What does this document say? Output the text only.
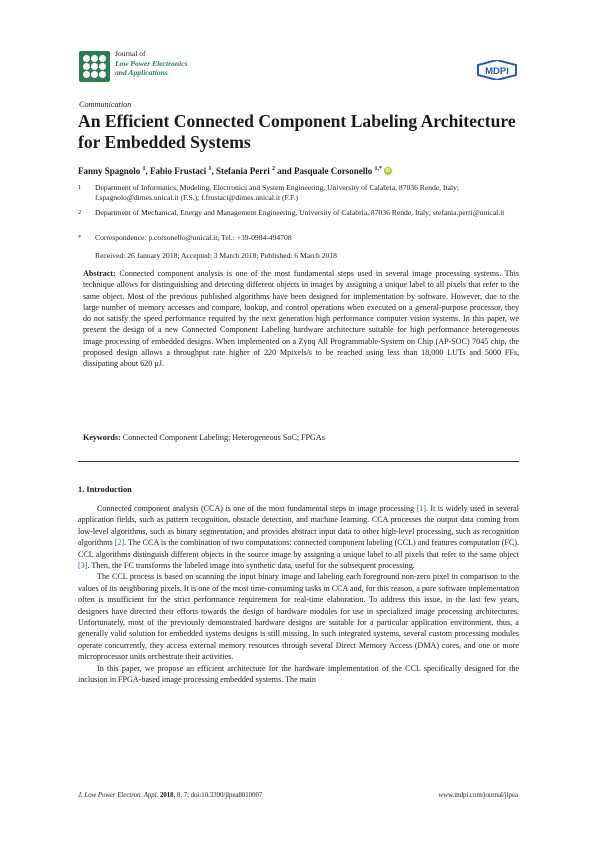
Journal of
Low Power Electronics
and Applications	MDPI
Communication
An Efficient Connected Component Labeling Architecture for Embedded Systems
Fanny Spagnolo $^1$, Fabio Frustaci $^1$, Stefania Perri $^2$ and Pasquale Corsonello $^{1,*}$ iD
1	Department of Informatics, Modeling, Electronics and System Engineering, University of Calabria, 87036 Rende, Italy; f.spagnolo@dimes.unical.it (F.S.); f.frustaci@dimes.unical.it (F.F.)
2	Department of Mechanical, Energy and Management Engineering, University of Calabria, 87036 Rende, Italy; stefania.perri@unical.it
*	Correspondence: p.corsonello@unical.it; Tel.: +39-0984-494708
Received: 26 January 2018; Accepted: 3 March 2018; Published: 6 March 2018
Abstract: Connected component analysis is one of the most fundamental steps used in several image processing systems. This technique allows for distinguishing and detecting different objects in images by assigning a unique label to all pixels that refer to the same object. Most of the previous published algorithms have been designed for implementation by software. However, due to the large number of memory accesses and compare, lookup, and control operations when executed on a general-purpose processor, they do not satisfy the speed performance required by the next generation high performance computer vision systems. In this paper, we present the design of a new Connected Component Labeling hardware architecture suitable for high performance heterogeneous image processing of embedded designs. When implemented on a Zynq All Programmable-System on Chip (AP-SOC) 7045 chip, the proposed design allows a throughput rate higher of 220 Mpixels/s to be reached using less than 18,000 LUTs and 5000 FFs, dissipating about 620 µJ.
Keywords: Connected Component Labeling; Heterogeneous SoC; FPGAs
1. Introduction

Connected component analysis (CCA) is one of the most fundamental steps in image processing [1]. It is widely used in several application fields, such as pattern recognition, obstacle detection, and machine learning. CCA processes the output data coming from low-level algorithms, such as binary segmentation, and provides abstract input data to other high-level processing, such as recognition algorithms [2]. The CCA is the combination of two computations: connected component labeling (CCL) and features computation (FC). CCL algorithms distinguish different objects in the source image by assigning a unique label to all pixels that refer to the same object [3]. Then, the FC transforms the labeled image into synthetic data, useful for the subsequent processing.

The CCL process is based on scanning the input binary image and labeling each foreground non-zero pixel in comparison to the values of its neighboring pixels. It is one of the most time-consuming tasks in CCA and, for this reason, a pure software implementation often is insufficient for the strict performance requirement for real-time elaboration. To address this issue, in the last few years, designers have directed their efforts towards the design of hardware modules for use in specialized image processing architectures. Unfortunately, most of the previously demonstrated hardware designs are suitable for a particular application environment, thus, a generally valid solution for embedded systems designs is still missing. In such integrated systems, several custom processing modules operate concurrently, they access external memory resources through several Direct Memory Access (DMA) cores, and one or more microprocessor units orchestrate their activities.

In this paper, we propose an efficient architecture for the hardware implementation of the CCL specifically designed for the inclusion in FPGA-based image processing embedded systems. The main

J. Low Power Electron. Appl. 2018, 8, 7; doi:10.3390/jlpea8010007	www.mdpi.com/journal/jlpea
